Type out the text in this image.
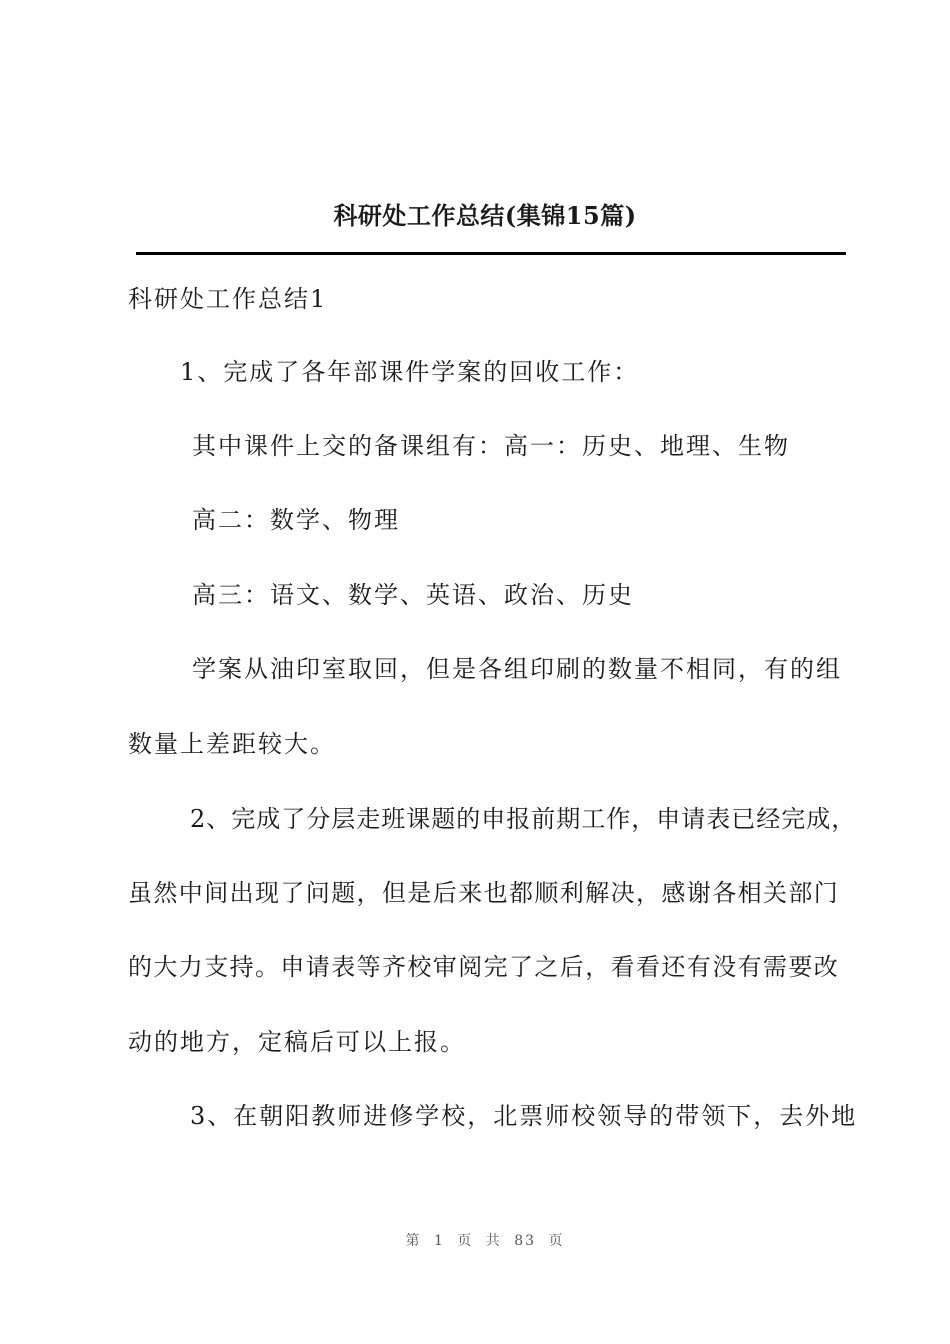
科研处工作总结(集锦15篇)
科研处工作总结1
1、完成了各年部课件学案的回收工作：
其中课件上交的备课组有：高一：历史、地理、生物
高二：数学、物理
高三：语文、数学、英语、政治、历史
学案从油印室取回，但是各组印刷的数量不相同，有的组
数量上差距较大。
2、完成了分层走班课题的申报前期工作，申请表已经完成，
虽然中间出现了问题，但是后来也都顺利解决，感谢各相关部门
的大力支持。申请表等齐校审阅完了之后，看看还有没有需要改
动的地方，定稿后可以上报。
3、在朝阳教师进修学校，北票师校领导的带领下，去外地
第 1 页 共 83 页
